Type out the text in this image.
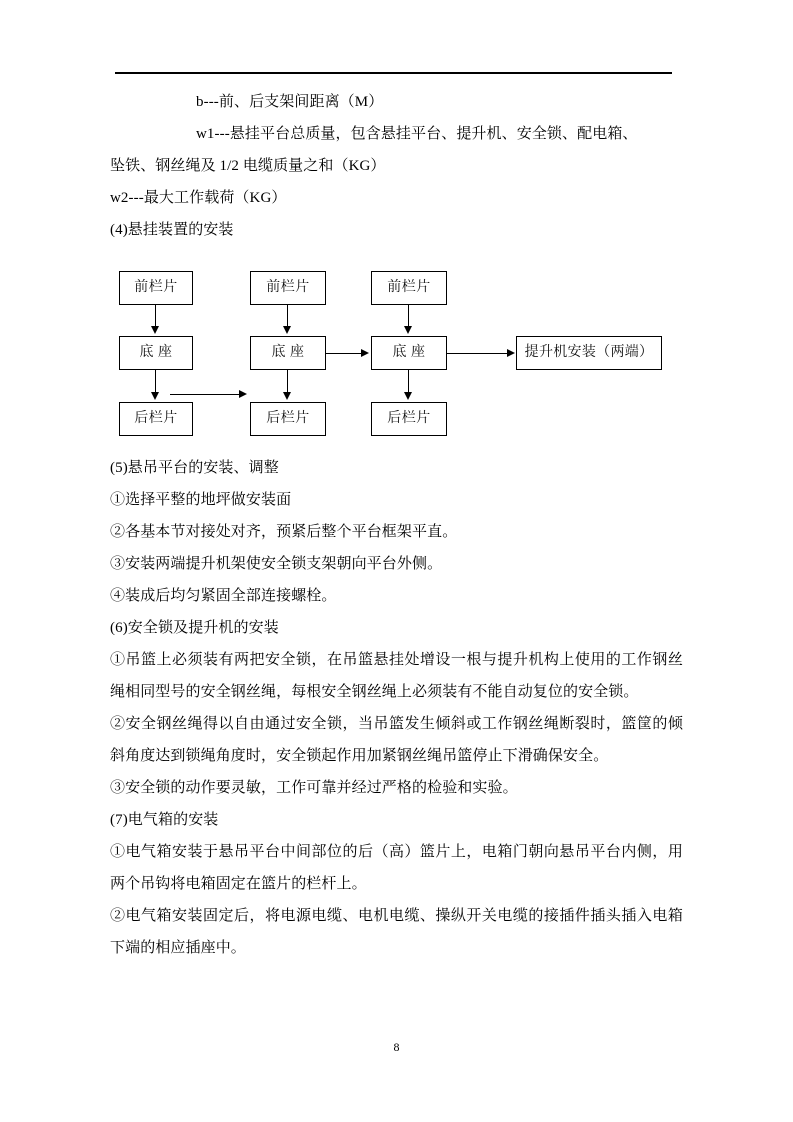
b---前、后支架间距离（M）
w1---悬挂平台总质量，包含悬挂平台、提升机、安全锁、配电箱、
坠铁、钢丝绳及 1/2 电缆质量之和（KG）
w2---最大工作载荷（KG）
(4)悬挂装置的安装
前栏片
底 座
后栏片
前栏片
底 座
后栏片
前栏片
底 座
后栏片
提升机安装（两端）
(5)悬吊平台的安装、调整
①选择平整的地坪做安装面
②各基本节对接处对齐，预紧后整个平台框架平直。
③安装两端提升机架使安全锁支架朝向平台外侧。
④装成后均匀紧固全部连接螺栓。
(6)安全锁及提升机的安装
①吊篮上必须装有两把安全锁，在吊篮悬挂处增设一根与提升机构上使用的工作钢丝绳相同型号的安全钢丝绳，每根安全钢丝绳上必须装有不能自动复位的安全锁。
②安全钢丝绳得以自由通过安全锁，当吊篮发生倾斜或工作钢丝绳断裂时，篮筐的倾斜角度达到锁绳角度时，安全锁起作用加紧钢丝绳吊篮停止下滑确保安全。
③安全锁的动作要灵敏，工作可靠并经过严格的检验和实验。
(7)电气箱的安装
①电气箱安装于悬吊平台中间部位的后（高）篮片上，电箱门朝向悬吊平台内侧，用两个吊钩将电箱固定在篮片的栏杆上。
②电气箱安装固定后，将电源电缆、电机电缆、操纵开关电缆的接插件插头插入电箱下端的相应插座中。
8
